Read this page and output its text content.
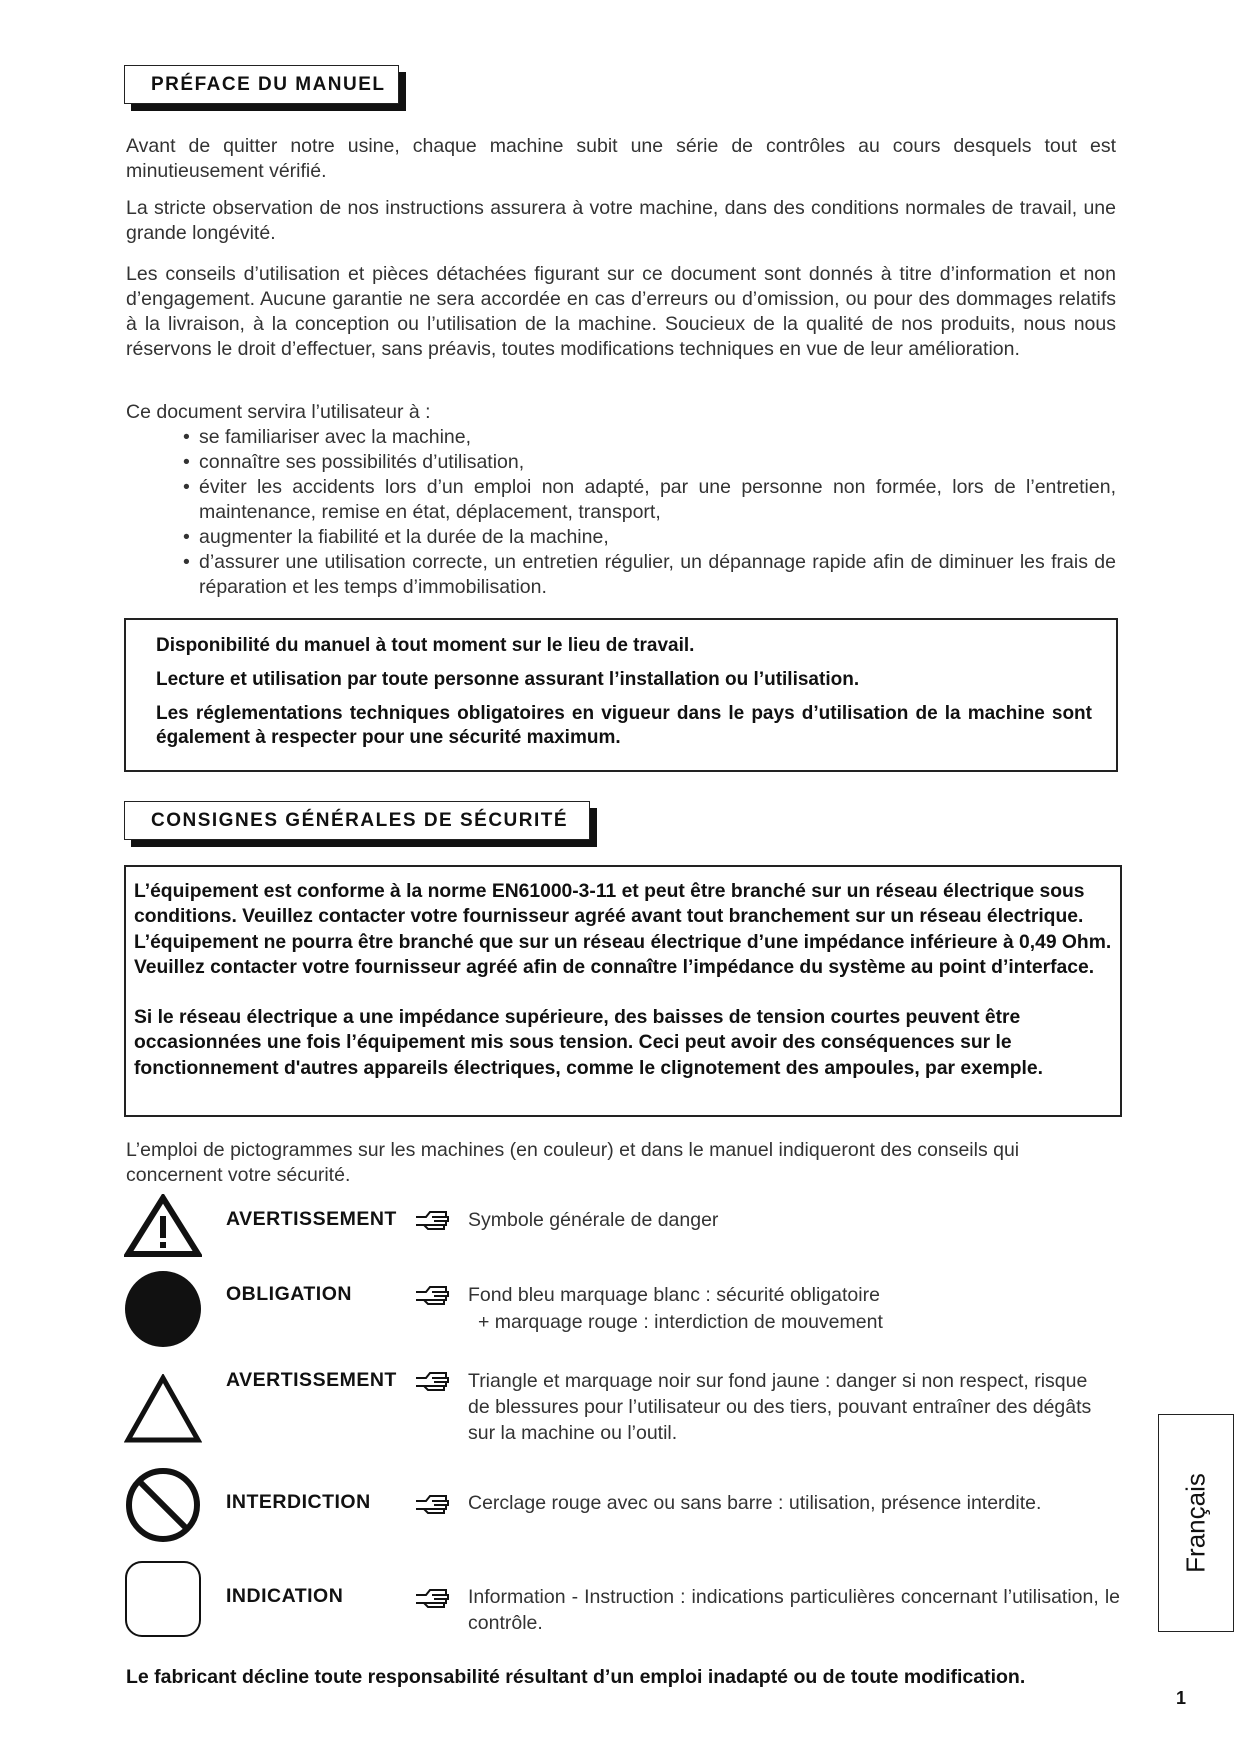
PRÉFACE DU MANUEL

Avant de quitter notre usine, chaque machine subit une série de contrôles au cours desquels tout est minutieusement vérifié.

La stricte observation de nos instructions assurera à votre machine, dans des conditions normales de travail, une grande longévité.

Les conseils d’utilisation et pièces détachées figurant sur ce document sont donnés à titre d’information et non d’engagement. Aucune garantie ne sera accordée en cas d’erreurs ou d’omission, ou pour des dommages relatifs à la livraison, à la conception ou l’utilisation de la machine. Soucieux de la qualité de nos produits, nous nous réservons le droit d’effectuer, sans préavis, toutes modifications techniques en vue de leur amélioration.

Ce document servira l’utilisateur à :
• se familiariser avec la machine,
• connaître ses possibilités d’utilisation,
• éviter les accidents lors d’un emploi non adapté, par une personne non formée, lors de l’entretien, maintenance, remise en état, déplacement, transport,
• augmenter la fiabilité et la durée de la machine,
• d’assurer une utilisation correcte, un entretien régulier, un dépannage rapide afin de diminuer les frais de réparation et les temps d’immobilisation.

Disponibilité du manuel à tout moment sur le lieu de travail.

Lecture et utilisation par toute personne assurant l’installation ou l’utilisation.

Les réglementations techniques obligatoires en vigueur dans le pays d’utilisation de la machine sont également à respecter pour une sécurité maximum.

CONSIGNES GÉNÉRALES DE SÉCURITÉ

L’équipement est conforme à la norme EN61000-3-11 et peut être branché sur un réseau électrique sous conditions. Veuillez contacter votre fournisseur agréé avant tout branchement sur un réseau électrique. L’équipement ne pourra être branché que sur un réseau électrique d’une impédance inférieure à 0,49 Ohm. Veuillez contacter votre fournisseur agréé afin de connaître l’impédance du système au point d’interface.

Si le réseau électrique a une impédance supérieure, des baisses de tension courtes peuvent être occasionnées une fois l’équipement mis sous tension. Ceci peut avoir des conséquences sur le fonctionnement d'autres appareils électriques, comme le clignotement des ampoules, par exemple.

L’emploi de pictogrammes sur les machines (en couleur) et dans le manuel indiqueront des conseils qui concernent votre sécurité.

AVERTISSEMENT	Symbole générale de danger
OBLIGATION	Fond bleu marquage blanc : sécurité obligatoire
+ marquage rouge : interdiction de mouvement
AVERTISSEMENT	Triangle et marquage noir sur fond jaune : danger si non respect, risque de blessures pour l’utilisateur ou des tiers, pouvant entraîner des dégâts sur la machine ou l’outil.
INTERDICTION	Cerclage rouge avec ou sans barre : utilisation, présence interdite.
INDICATION	Information - Instruction : indications particulières concernant l’utilisation, le contrôle.
Français
Le fabricant décline toute responsabilité résultant d’un emploi inadapté ou de toute modification.
1
